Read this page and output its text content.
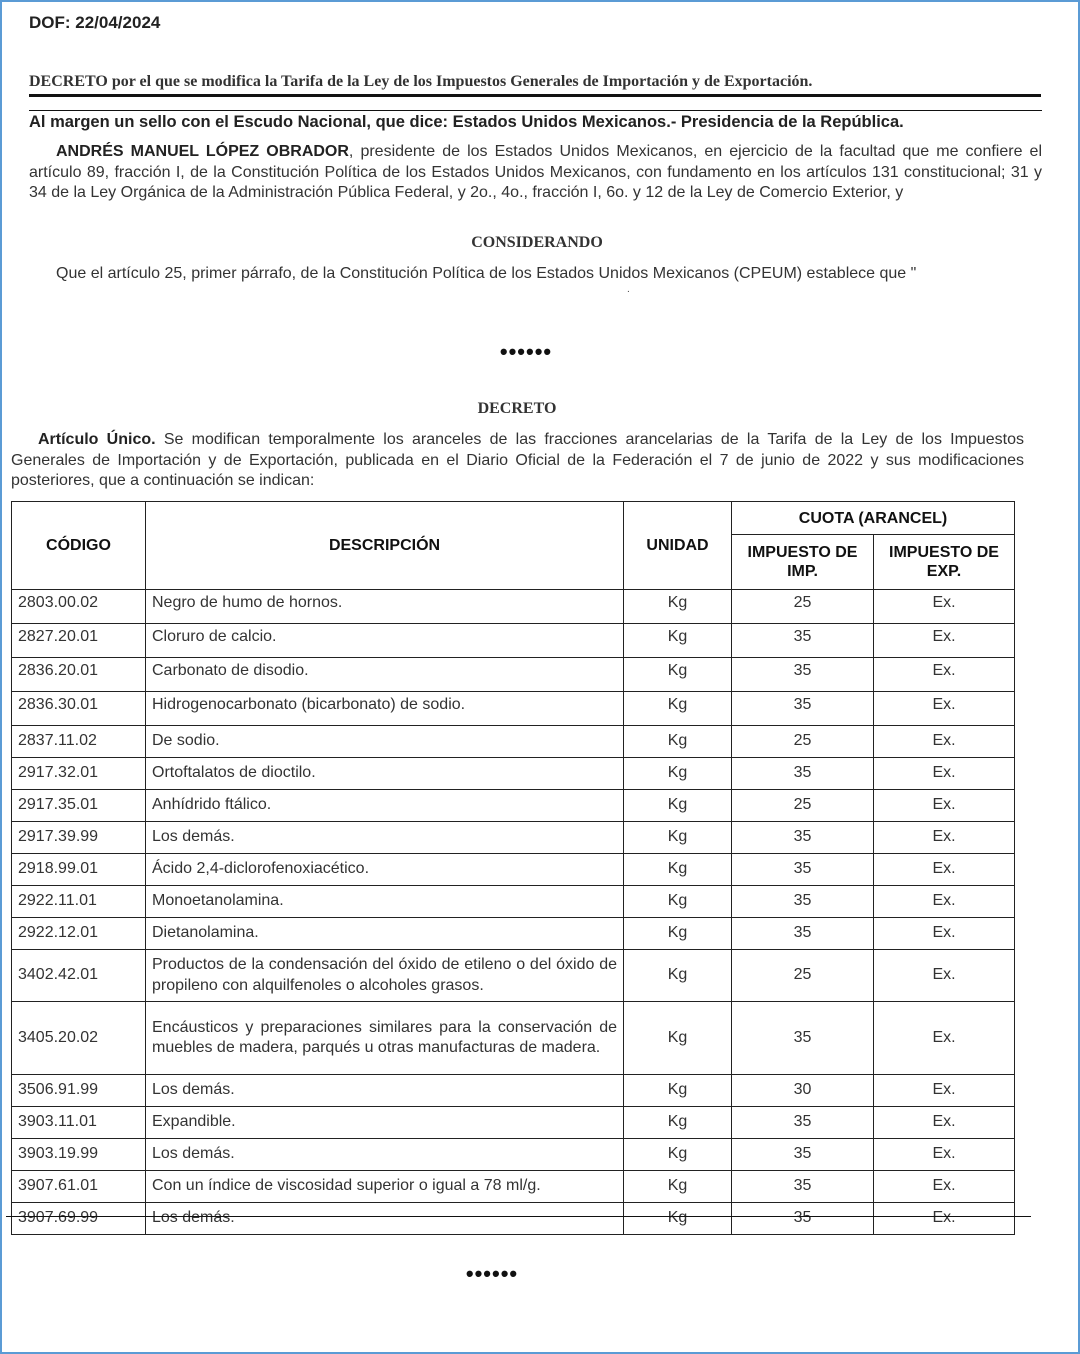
DOF: 22/04/2024
DECRETO por el que se modifica la Tarifa de la Ley de los Impuestos Generales de Importación y de Exportación.
Al margen un sello con el Escudo Nacional, que dice: Estados Unidos Mexicanos.- Presidencia de la República.
ANDRÉS MANUEL LÓPEZ OBRADOR, presidente de los Estados Unidos Mexicanos, en ejercicio de la facultad que me confiere el artículo 89, fracción I, de la Constitución Política de los Estados Unidos Mexicanos, con fundamento en los artículos 131 constitucional; 31 y 34 de la Ley Orgánica de la Administración Pública Federal, y 2o., 4o., fracción I, 6o. y 12 de la Ley de Comercio Exterior, y
CONSIDERANDO
Que el artículo 25, primer párrafo, de la Constitución Política de los Estados Unidos Mexicanos (CPEUM) establece que "
.
••••••
DECRETO
Artículo Único. Se modifican temporalmente los aranceles de las fracciones arancelarias de la Tarifa de la Ley de los Impuestos Generales de Importación y de Exportación, publicada en el Diario Oficial de la Federación el 7 de junio de 2022 y sus modificaciones posteriores, que a continuación se indican:
CÓDIGO	DESCRIPCIÓN	UNIDAD	CUOTA (ARANCEL)	
			IMPUESTO DE IMP.	IMPUESTO DE EXP.
2803.00.02	Negro de humo de hornos.	Kg	25	Ex.
2827.20.01	Cloruro de calcio.	Kg	35	Ex.
2836.20.01	Carbonato de disodio.	Kg	35	Ex.
2836.30.01	Hidrogenocarbonato (bicarbonato) de sodio.	Kg	35	Ex.
2837.11.02	De sodio.	Kg	25	Ex.
2917.32.01	Ortoftalatos de dioctilo.	Kg	35	Ex.
2917.35.01	Anhídrido ftálico.	Kg	25	Ex.
2917.39.99	Los demás.	Kg	35	Ex.
2918.99.01	Ácido 2,4-diclorofenoxiacético.	Kg	35	Ex.
2922.11.01	Monoetanolamina.	Kg	35	Ex.
2922.12.01	Dietanolamina.	Kg	35	Ex.
3402.42.01	Productos de la condensación del óxido de etileno o del óxido de propileno con alquilfenoles o alcoholes grasos.	Kg	25	Ex.
3405.20.02	Encáusticos y preparaciones similares para la conservación de muebles de madera, parqués u otras manufacturas de madera.	Kg	35	Ex.
3506.91.99	Los demás.	Kg	30	Ex.
3903.11.01	Expandible.	Kg	35	Ex.
3903.19.99	Los demás.	Kg	35	Ex.
3907.61.01	Con un índice de viscosidad superior o igual a 78 ml/g.	Kg	35	Ex.
3907.69.99	Los demás.	Kg	35	Ex.
••••••
